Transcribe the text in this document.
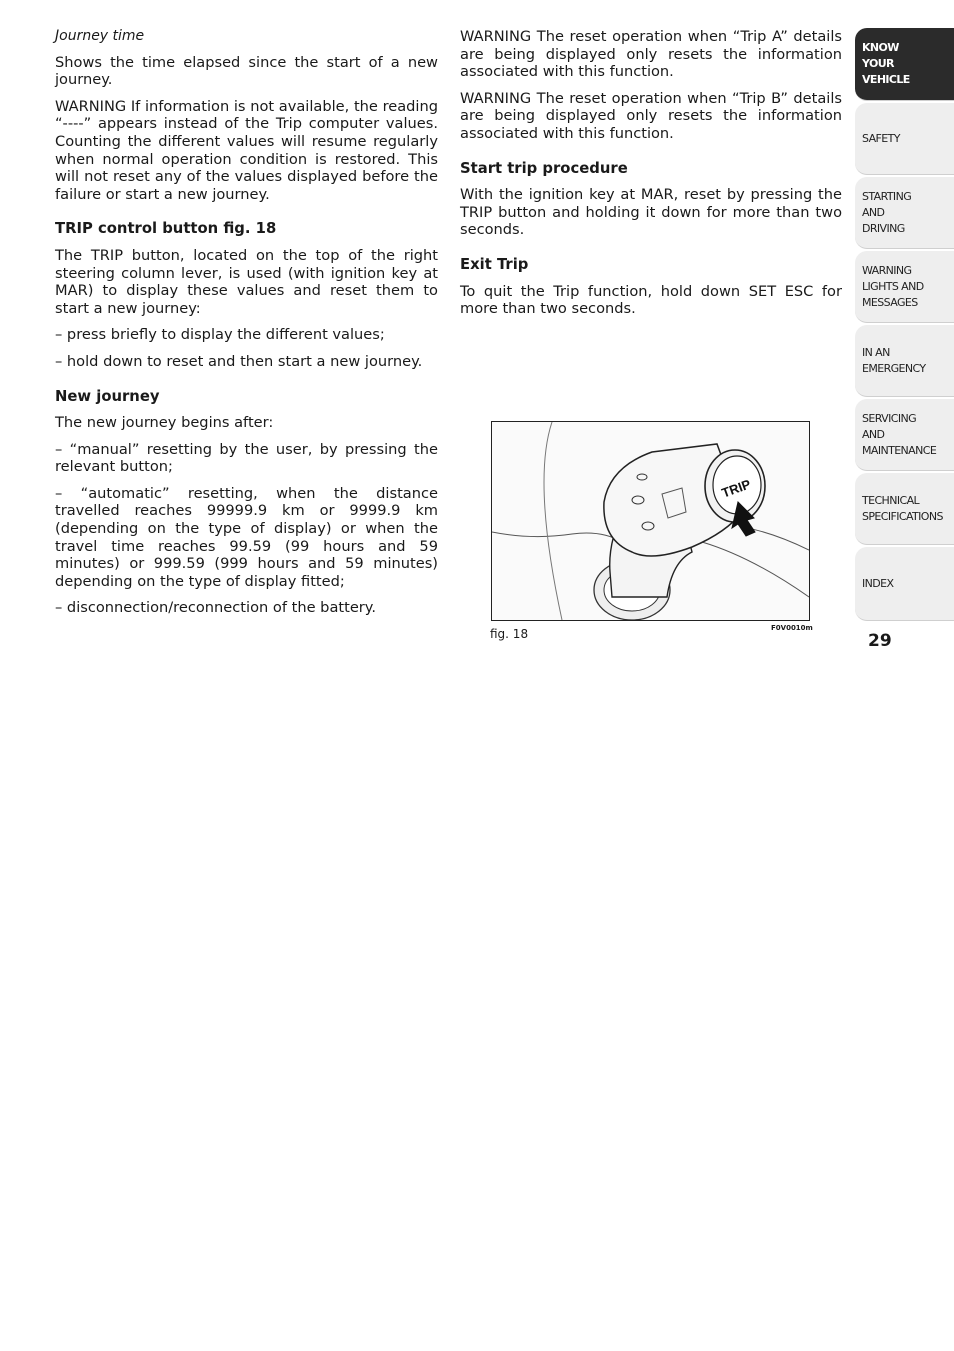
Journey time

Shows the time elapsed since the start of a new journey.

WARNING If information is not available, the reading “----” appears instead of the Trip computer values. Counting the different values will resume regularly when normal operation condition is restored. This will not reset any of the values displayed before the failure or start a new journey.

TRIP control button fig. 18

The TRIP button, located on the top of the right steering column lever, is used (with ignition key at MAR) to display these values and reset them to start a new journey:

– press briefly to display the different values;

– hold down to reset and then start a new journey.

New journey

The new journey begins after:

– “manual” resetting by the user, by pressing the relevant button;

– “automatic” resetting, when the distance travelled reaches 99999.9 km or 9999.9 km (depending on the type of display) or when the travel time reaches 99.59 (99 hours and 59 minutes) or 999.59 (999 hours and 59 minutes) depending on the type of display fitted;

– disconnection/reconnection of the battery.

WARNING The reset operation when “Trip A” details are being displayed only resets the information associated with this function.

WARNING The reset operation when “Trip B” details are being displayed only resets the information associated with this function.

Start trip procedure

With the ignition key at MAR, reset by pressing the TRIP button and holding it down for more than two seconds.

Exit Trip

To quit the Trip function, hold down SET ESC for more than two seconds.

TRIP
fig. 18	F0V0010m
KNOW
YOUR
VEHICLE
SAFETY
STARTING
AND
DRIVING
WARNING
LIGHTS AND
MESSAGES
IN AN
EMERGENCY
SERVICING
AND
MAINTENANCE
TECHNICAL
SPECIFICATIONS
INDEX
29
